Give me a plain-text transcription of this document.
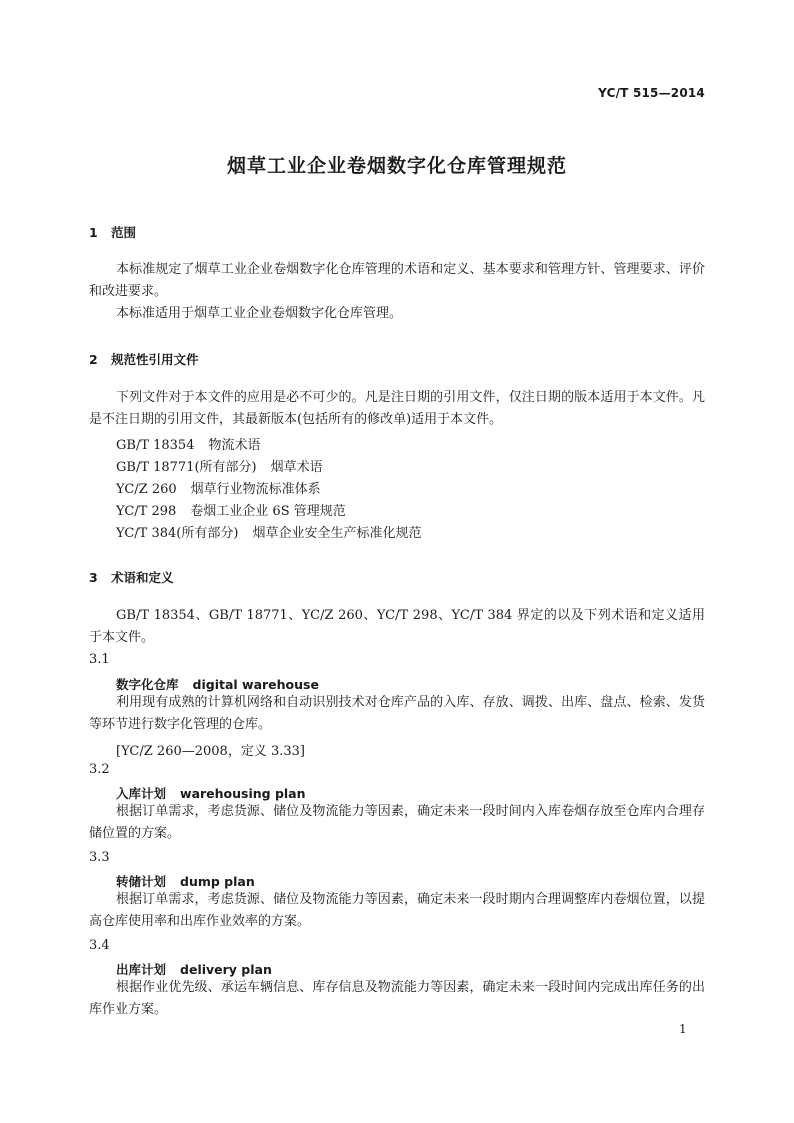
YC/T 515—2014
烟草工业企业卷烟数字化仓库管理规范
1 范围
本标准规定了烟草工业企业卷烟数字化仓库管理的术语和定义、基本要求和管理方针、管理要求、评价和改进要求。
本标准适用于烟草工业企业卷烟数字化仓库管理。
2 规范性引用文件
下列文件对于本文件的应用是必不可少的。凡是注日期的引用文件，仅注日期的版本适用于本文件。凡是不注日期的引用文件，其最新版本(包括所有的修改单)适用于本文件。
GB/T 18354 物流术语
GB/T 18771(所有部分) 烟草术语
YC/Z 260 烟草行业物流标准体系
YC/T 298 卷烟工业企业 6S 管理规范
YC/T 384(所有部分) 烟草企业安全生产标准化规范
3 术语和定义
GB/T 18354、GB/T 18771、YC/Z 260、YC/T 298、YC/T 384 界定的以及下列术语和定义适用于本文件。
3.1
数字化仓库 digital warehouse
利用现有成熟的计算机网络和自动识别技术对仓库产品的入库、存放、调拨、出库、盘点、检索、发货等环节进行数字化管理的仓库。
[YC/Z 260—2008，定义 3.33]
3.2
入库计划 warehousing plan
根据订单需求，考虑货源、储位及物流能力等因素，确定未来一段时间内入库卷烟存放至仓库内合理存储位置的方案。
3.3
转储计划 dump plan
根据订单需求，考虑货源、储位及物流能力等因素，确定未来一段时期内合理调整库内卷烟位置，以提高仓库使用率和出库作业效率的方案。
3.4
出库计划 delivery plan
根据作业优先级、承运车辆信息、库存信息及物流能力等因素，确定未来一段时间内完成出库任务的出库作业方案。
1
